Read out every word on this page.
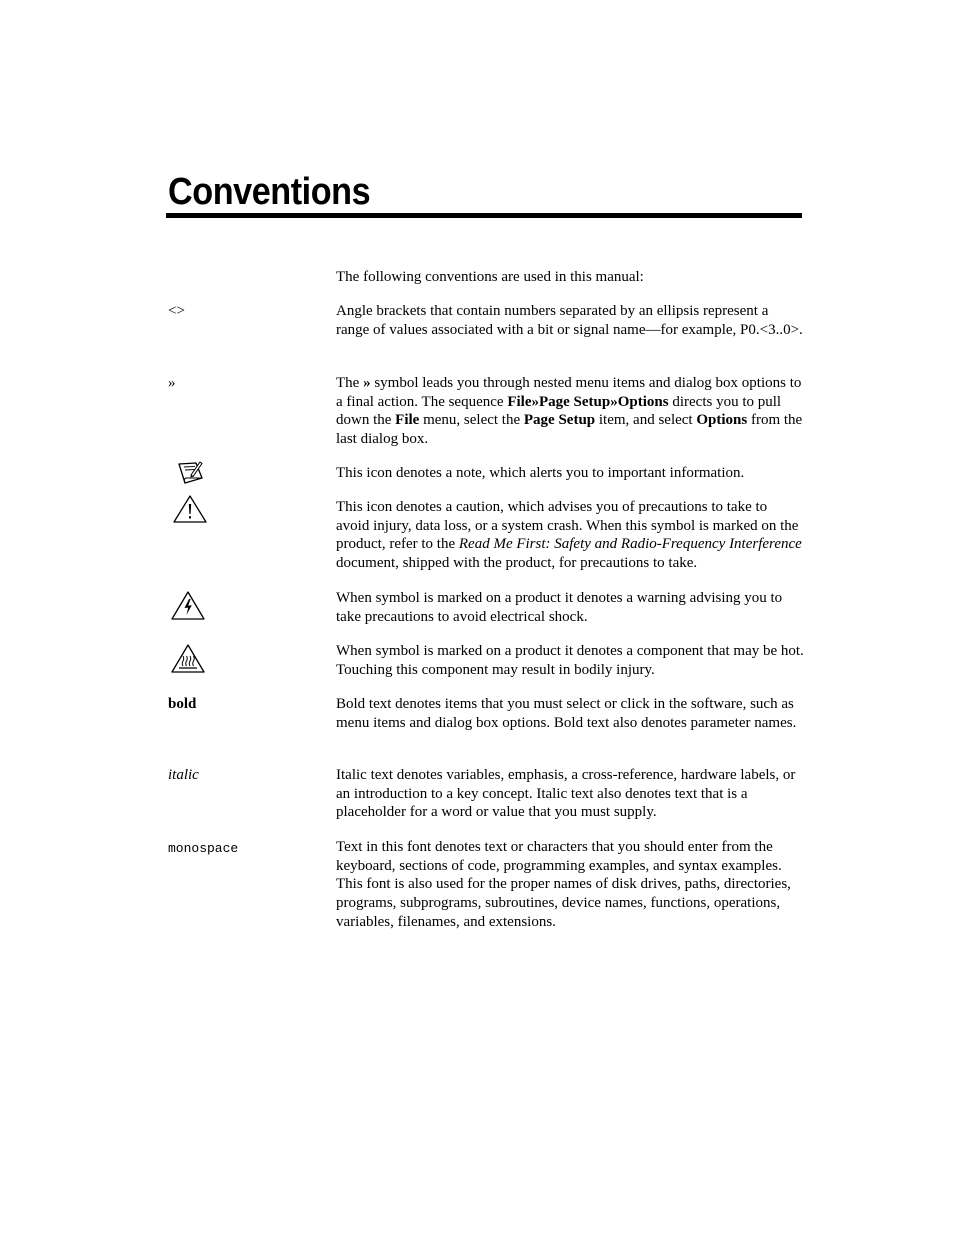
Conventions
The following conventions are used in this manual:
<>	Angle brackets that contain numbers separated by an ellipsis represent a range of values associated with a bit or signal name—for example, P0.<3..0>.
»	The » symbol leads you through nested menu items and dialog box options to a final action. The sequence File»Page Setup»Options directs you to pull down the File menu, select the Page Setup item, and select Options from the last dialog box.
This icon denotes a note, which alerts you to important information.
This icon denotes a caution, which advises you of precautions to take to avoid injury, data loss, or a system crash. When this symbol is marked on the product, refer to the Read Me First: Safety and Radio-Frequency Interference document, shipped with the product, for precautions to take.
When symbol is marked on a product it denotes a warning advising you to take precautions to avoid electrical shock.
When symbol is marked on a product it denotes a component that may be hot. Touching this component may result in bodily injury.
bold	Bold text denotes items that you must select or click in the software, such as menu items and dialog box options. Bold text also denotes parameter names.
italic	Italic text denotes variables, emphasis, a cross-reference, hardware labels, or an introduction to a key concept. Italic text also denotes text that is a placeholder for a word or value that you must supply.
monospace	Text in this font denotes text or characters that you should enter from the keyboard, sections of code, programming examples, and syntax examples. This font is also used for the proper names of disk drives, paths, directories, programs, subprograms, subroutines, device names, functions, operations, variables, filenames, and extensions.
